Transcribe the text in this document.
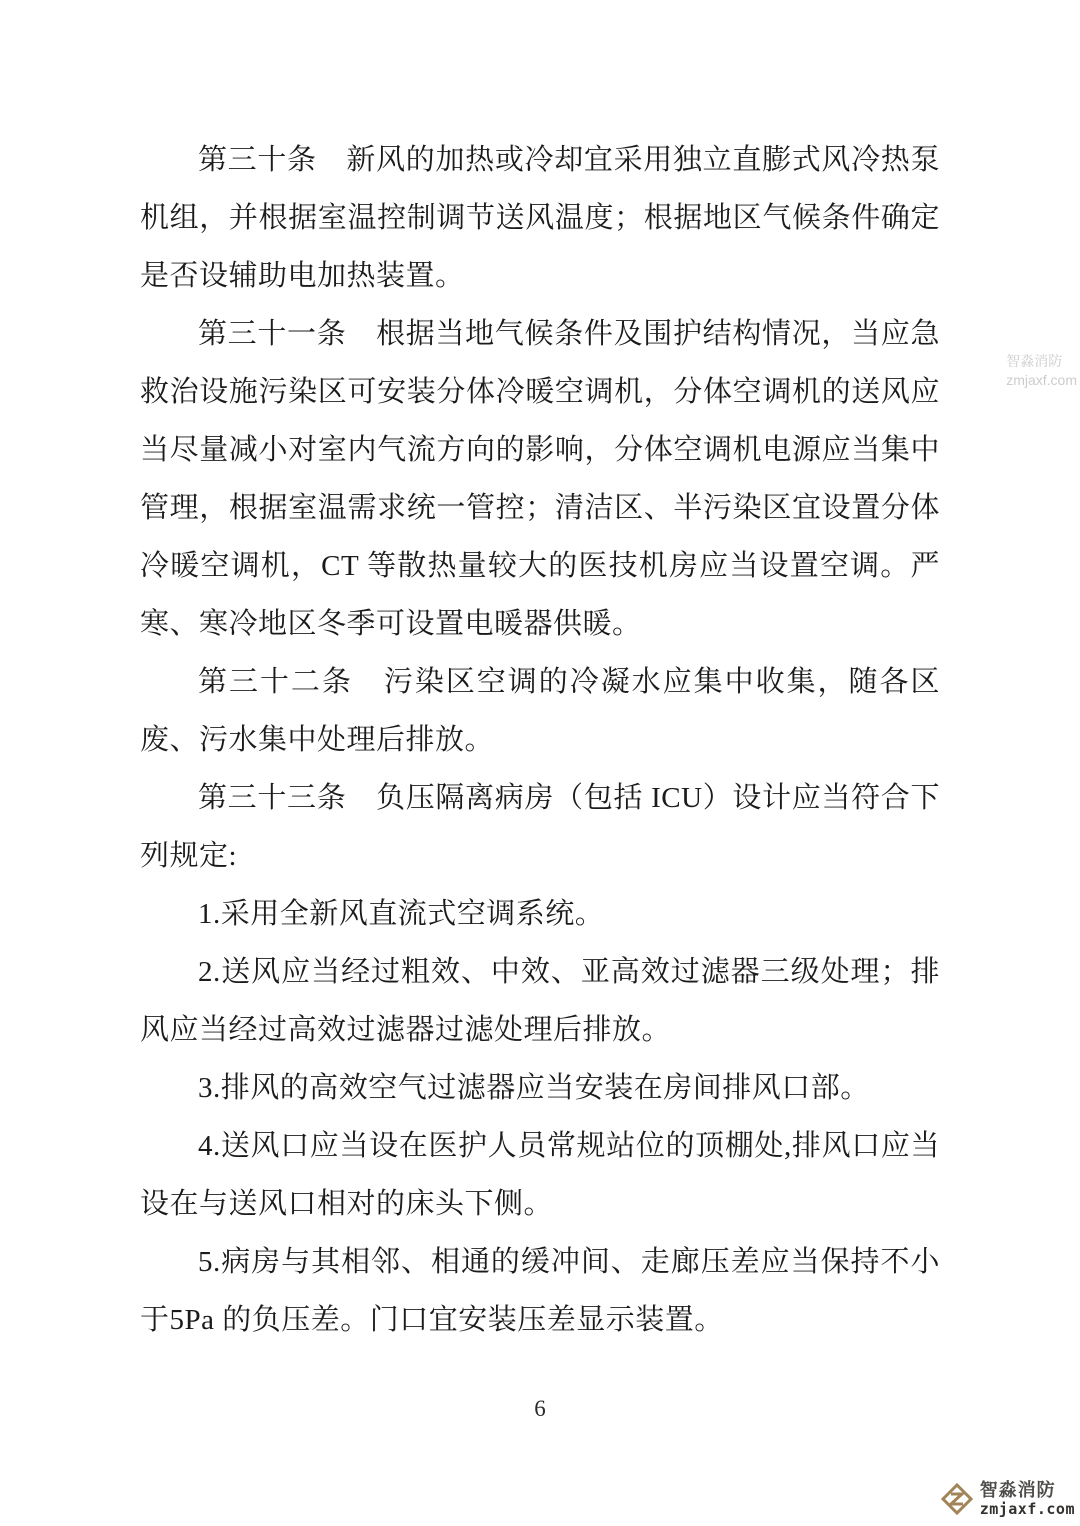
第三十条　新风的加热或冷却宜采用独立直膨式风冷热泵机组，并根据室温控制调节送风温度；根据地区气候条件确定是否设辅助电加热装置。

第三十一条　根据当地气候条件及围护结构情况，当应急救治设施污染区可安装分体冷暖空调机，分体空调机的送风应当尽量减小对室内气流方向的影响，分体空调机电源应当集中管理，根据室温需求统一管控；清洁区、半污染区宜设置分体冷暖空调机，CT 等散热量较大的医技机房应当设置空调。严寒、寒冷地区冬季可设置电暖器供暖。

第三十二条　污染区空调的冷凝水应集中收集，随各区废、污水集中处理后排放。

第三十三条　负压隔离病房（包括 ICU）设计应当符合下列规定:

1.采用全新风直流式空调系统。

2.送风应当经过粗效、中效、亚高效过滤器三级处理；排风应当经过高效过滤器过滤处理后排放。

3.排风的高效空气过滤器应当安装在房间排风口部。

4.送风口应当设在医护人员常规站位的顶棚处,排风口应当设在与送风口相对的床头下侧。

5.病房与其相邻、相通的缓冲间、走廊压差应当保持不小于5Pa 的负压差。门口宜安装压差显示装置。

6
智淼消防
zmjaxf.com
智淼消防
zmjaxf.com
